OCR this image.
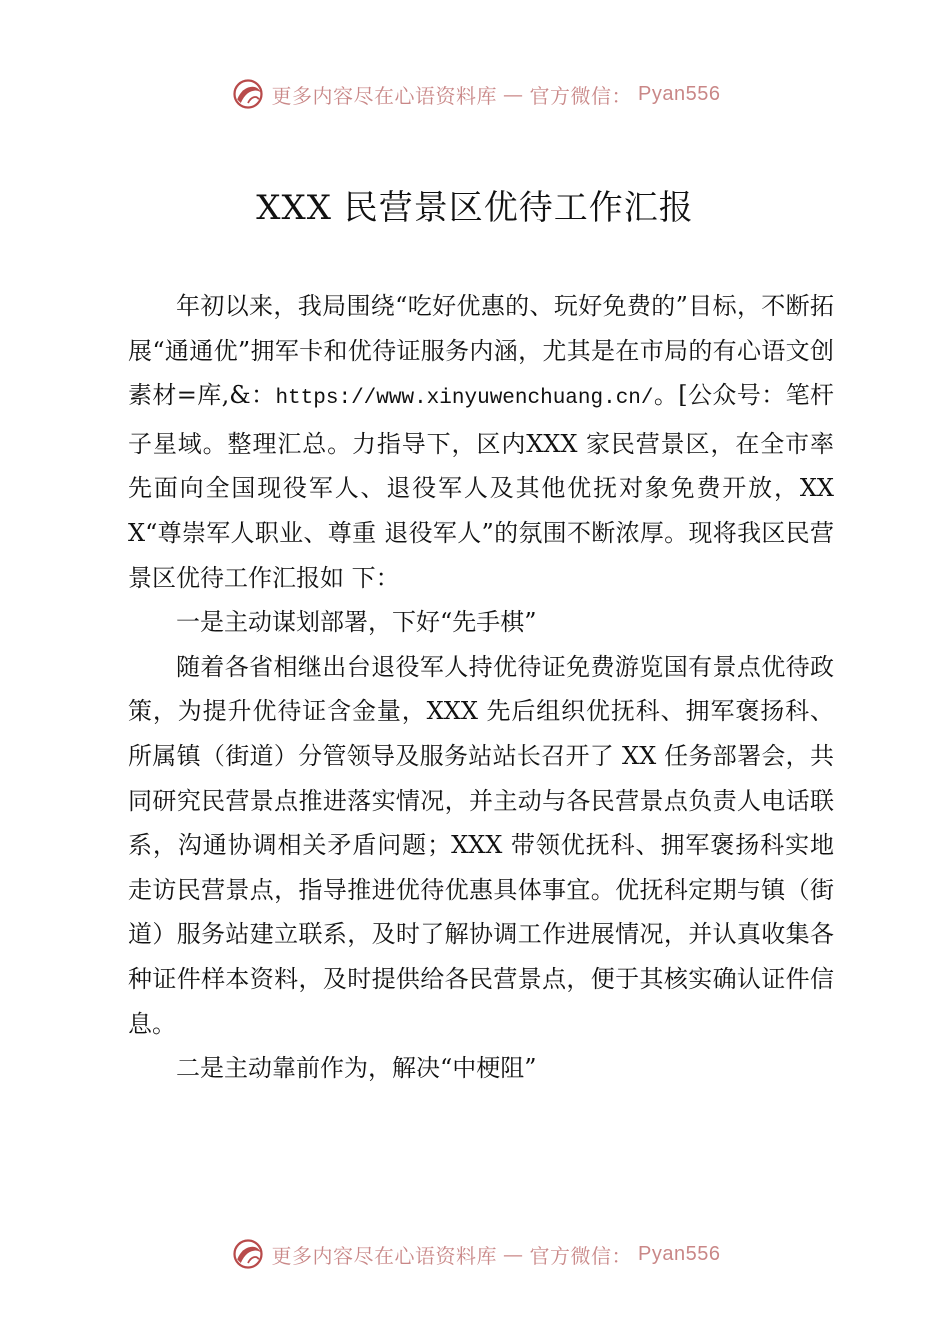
更多内容尽在心语资料库 — 官方微信： Pyan556
XXX 民营景区优待工作汇报

年初以来，我局围绕“吃好优惠的、玩好免费的”目标，不断拓展“通通优”拥军卡和优待证服务内涵，尤其是在市局的有心语文创素材=库,&：https://www.xinyuwenchuang.cn/。[公众号：笔杆子星域。整理汇总。力指导下，区内XXX 家民营景区，在全市率先面向全国现役军人、退役军人及其他优抚对象免费开放，XXX“尊崇军人职业、尊重 退役军人”的氛围不断浓厚。现将我区民营景区优待工作汇报如 下：

一是主动谋划部署，下好“先手棋”

随着各省相继出台退役军人持优待证免费游览国有景点优待政策，为提升优待证含金量，XXX 先后组织优抚科、拥军褒扬科、所属镇（街道）分管领导及服务站站长召开了 XX 任务部署会，共同研究民营景点推进落实情况，并主动与各民营景点负责人电话联系，沟通协调相关矛盾问题；XXX 带领优抚科、拥军褒扬科实地走访民营景点，指导推进优待优惠具体事宜。优抚科定期与镇（街道）服务站建立联系，及时了解协调工作进展情况，并认真收集各种证件样本资料，及时提供给各民营景点，便于其核实确认证件信息。

二是主动靠前作为，解决“中梗阻”

更多内容尽在心语资料库 — 官方微信： Pyan556
